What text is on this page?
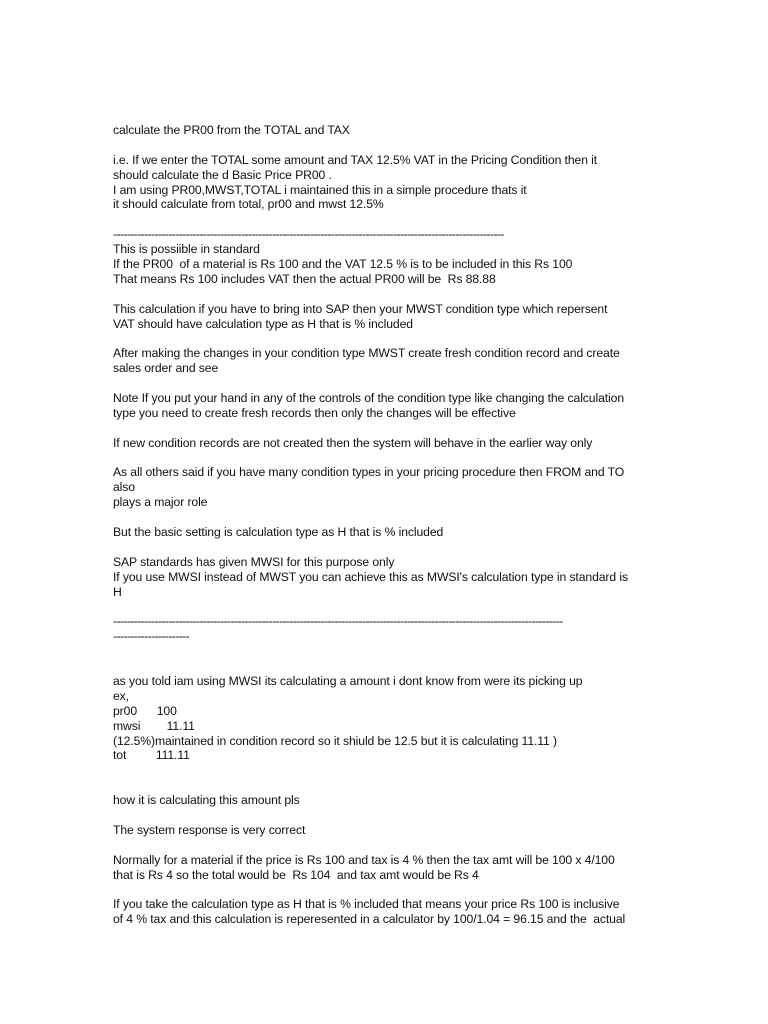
calculate the PR00 from the TOTAL and TAX
i.e. If we enter the TOTAL some amount and TAX 12.5% VAT in the Pricing Condition then it
should calculate the d Basic Price PR00 .
I am using PR00,MWST,TOTAL i maintained this in a simple procedure thats it
it should calculate from total, pr00 and mwst 12.5%
-----------------------------------------------------------------------------------------------------------------
This is possiible in standard
If the PR00  of a material is Rs 100 and the VAT 12.5 % is to be included in this Rs 100
That means Rs 100 includes VAT then the actual PR00 will be  Rs 88.88
This calculation if you have to bring into SAP then your MWST condition type which repersent
VAT should have calculation type as H that is % included
After making the changes in your condition type MWST create fresh condition record and create
sales order and see
Note If you put your hand in any of the controls of the condition type like changing the calculation
type you need to create fresh records then only the changes will be effective
If new condition records are not created then the system will behave in the earlier way only
As all others said if you have many condition types in your pricing procedure then FROM and TO
also
plays a major role
But the basic setting is calculation type as H that is % included
SAP standards has given MWSI for this purpose only
If you use MWSI instead of MWST you can achieve this as MWSI's calculation type in standard is
H
----------------------------------------------------------------------------------------------------------------------------------
----------------------
as you told iam using MWSI its calculating a amount i dont know from were its picking up
ex,
pr00      100
mwsi        11.11
(12.5%)maintained in condition record so it shiuld be 12.5 but it is calculating 11.11 )
tot         111.11
how it is calculating this amount pls
The system response is very correct
Normally for a material if the price is Rs 100 and tax is 4 % then the tax amt will be 100 x 4/100
that is Rs 4 so the total would be  Rs 104  and tax amt would be Rs 4
If you take the calculation type as H that is % included that means your price Rs 100 is inclusive
of 4 % tax and this calculation is reperesented in a calculator by 100/1.04 = 96.15 and the  actual
